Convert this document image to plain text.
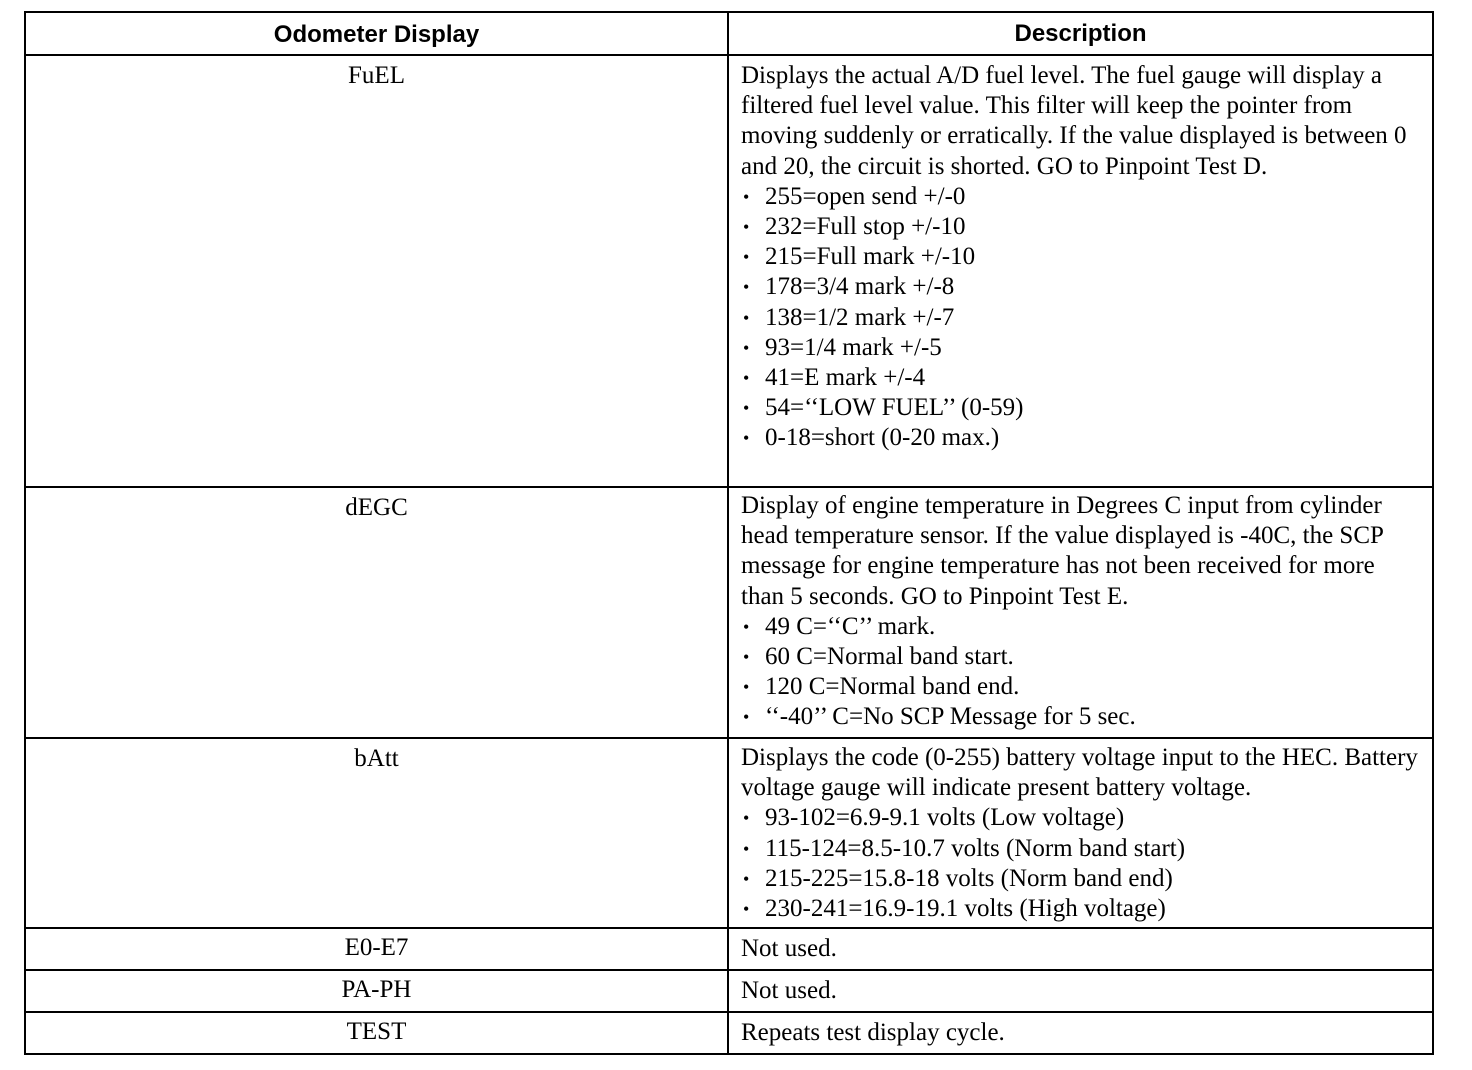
Odometer Display	Description
FuEL	Displays the actual A/D fuel level. The fuel gauge will display a filtered fuel level value. This filter will keep the pointer from moving suddenly or erratically. If the value displayed is between 0 and 20, the circuit is shorted. GO to Pinpoint Test D.
• 255=open send +/-0
• 232=Full stop +/-10
• 215=Full mark +/-10
• 178=3/4 mark +/-8
• 138=1/2 mark +/-7
• 93=1/4 mark +/-5
• 41=E mark +/-4
• 54=‘‘LOW FUEL’’ (0-59)
• 0-18=short (0-20 max.)
dEGC	Display of engine temperature in Degrees C input from cylinder head temperature sensor. If the value displayed is -40C, the SCP message for engine temperature has not been received for more than 5 seconds. GO to Pinpoint Test E.
• 49 C=‘‘C’’ mark.
• 60 C=Normal band start.
• 120 C=Normal band end.
• ‘‘-40’’ C=No SCP Message for 5 sec.
bAtt	Displays the code (0-255) battery voltage input to the HEC. Battery voltage gauge will indicate present battery voltage.
• 93-102=6.9-9.1 volts (Low voltage)
• 115-124=8.5-10.7 volts (Norm band start)
• 215-225=15.8-18 volts (Norm band end)
• 230-241=16.9-19.1 volts (High voltage)
E0-E7	Not used.
PA-PH	Not used.
TEST	Repeats test display cycle.
